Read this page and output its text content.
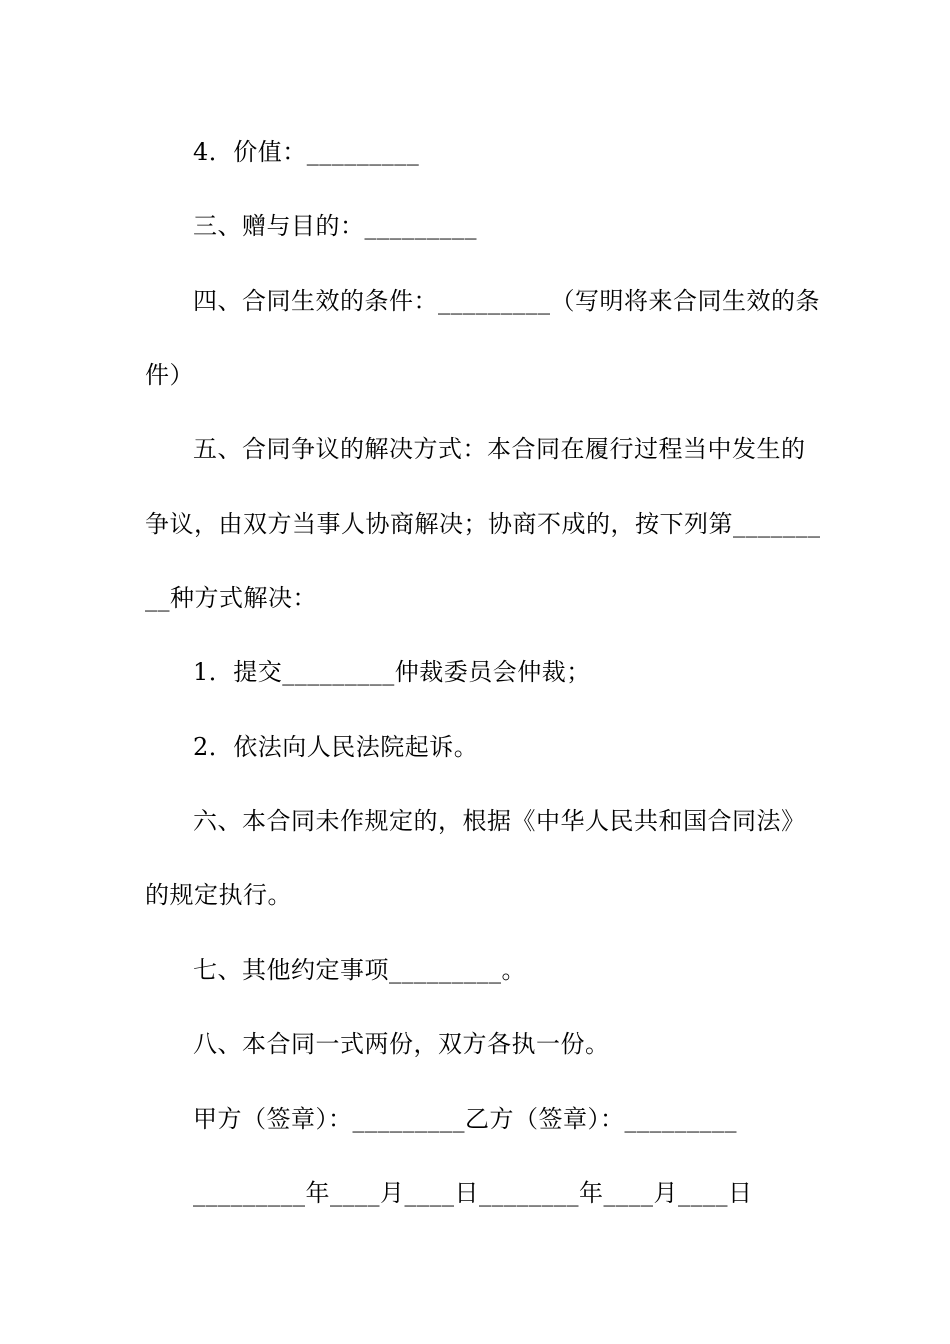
4．价值：_________
三、赠与目的：_________
四、合同生效的条件：_________（写明将来合同生效的条
件）
五、合同争议的解决方式：本合同在履行过程当中发生的
争议，由双方当事人协商解决；协商不成的，按下列第_______
__种方式解决：
1．提交_________仲裁委员会仲裁；
2．依法向人民法院起诉。
六、本合同未作规定的，根据《中华人民共和国合同法》
的规定执行。
七、其他约定事项_________。
八、本合同一式两份，双方各执一份。
甲方（签章）：_________乙方（签章）：_________
_________年____月____日________年____月____日
